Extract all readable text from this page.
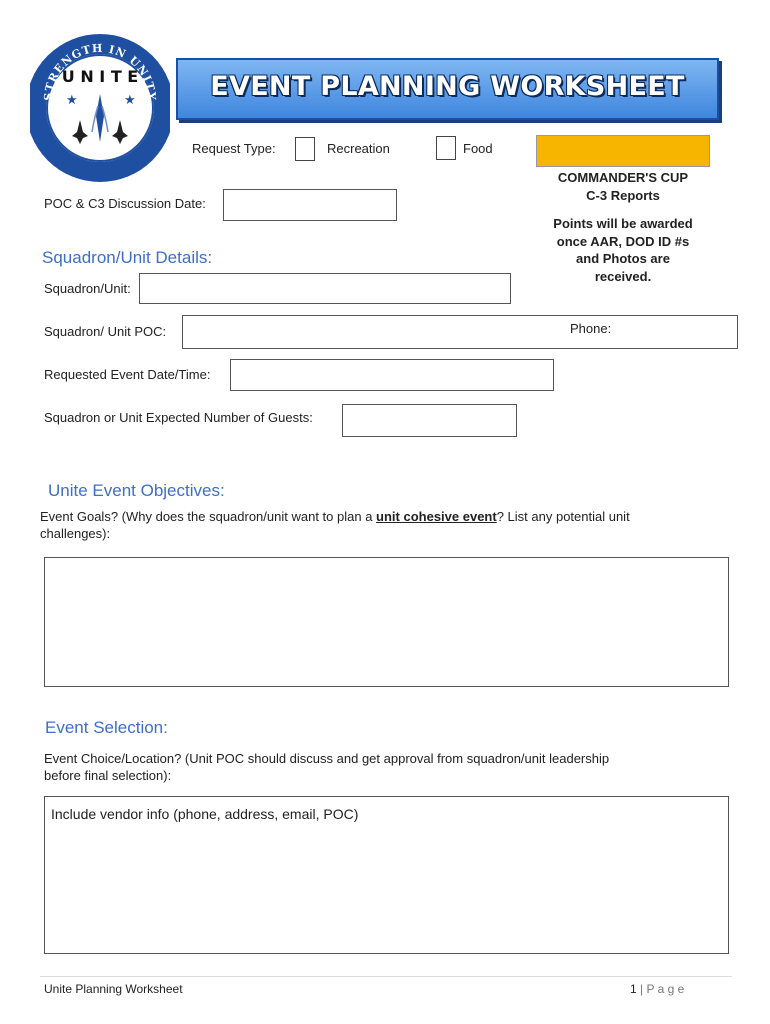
STRENGTH IN UNITY
ENHANCING RESILIENCY WITHIN THE AIR FORCE
U N I T E
★	★	EVENT PLANNING WORKSHEET
Request Type:	Recreation	Food
COMMANDER'S CUP
C-3 Reports
Points will be awarded
once AAR, DOD ID #s
and Photos are
received.
POC & C3 Discussion Date:
Squadron/Unit Details:
Squadron/Unit:
Squadron/ Unit POC:	Phone:
Requested Event Date/Time:
Squadron or Unit Expected Number of Guests:
Unite Event Objectives:
Event Goals? (Why does the squadron/unit want to plan a unit cohesive event? List any potential unit
challenges):
Event Selection:
Event Choice/Location? (Unit POC should discuss and get approval from squadron/unit leadership
before final selection):
Include vendor info (phone, address, email, POC)
Unite Planning Worksheet	1 | P a g e
